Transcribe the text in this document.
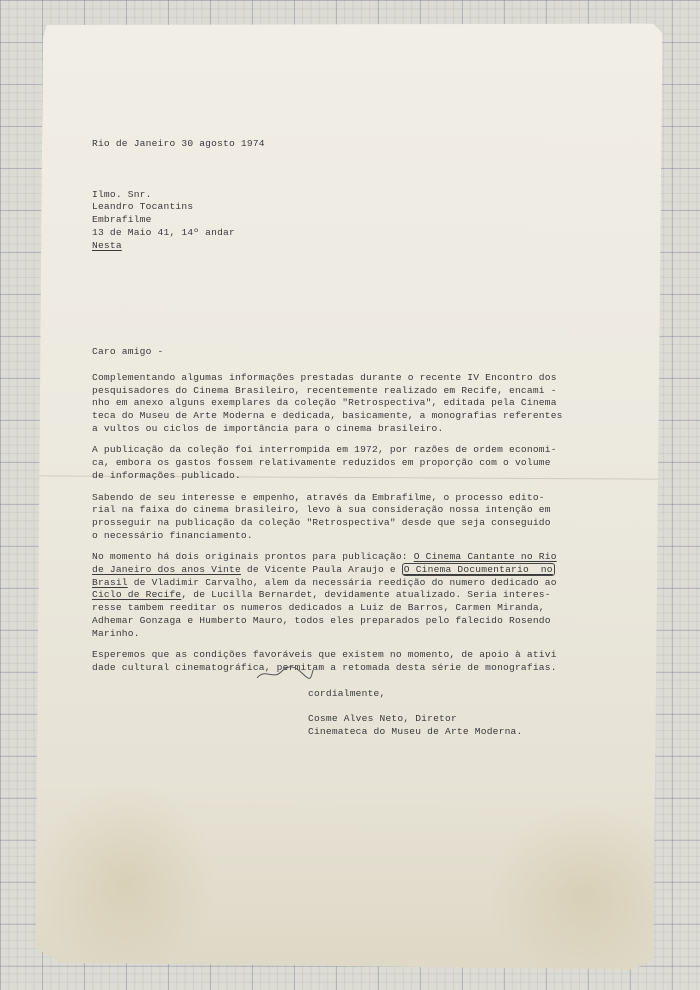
Rio de Janeiro 30 agosto 1974

Ilmo. Snr.

Leandro Tocantins

Embrafilme

13 de Maio 41, 14º andar

Nesta

Caro amigo -

Complementando algumas informações prestadas durante o recente IV Encontro dos

pesquisadores do Cinema Brasileiro, recentemente realizado em Recife, encami -

nho em anexo alguns exemplares da coleção "Retrospectiva", editada pela Cinema

teca do Museu de Arte Moderna e dedicada, basicamente, a monografias referentes

a vultos ou ciclos de importância para o cinema brasileiro.

A publicação da coleção foi interrompida em 1972, por razões de ordem economi-

ca, embora os gastos fossem relativamente reduzidos em proporção com o volume

de informações publicado.

Sabendo de seu interesse e empenho, através da Embrafilme, o processo edito-

rial na faixa do cinema brasileiro, levo à sua consideração nossa intenção em

prosseguir na publicação da coleção "Retrospectiva" desde que seja conseguido

o necessário financiamento.

No momento há dois originais prontos para publicação: O Cinema Cantante no Rio

de Janeiro dos anos Vinte de Vicente Paula Araujo e O Cinema Documentario  no

Brasil de Vladimir Carvalho, alem da necessária reedição do numero dedicado ao

Ciclo de Recife, de Lucilla Bernardet, devidamente atualizado. Seria interes-

resse tambem reeditar os numeros dedicados a Luiz de Barros, Carmen Miranda,

Adhemar Gonzaga e Humberto Mauro, todos eles preparados pelo falecido Rosendo

Marinho.

Esperemos que as condições favoráveis que existem no momento, de apoio à ativi

dade cultural cinematográfica, permitam a retomada desta série de monografias.

cordialmente,

Cosme Alves Neto, Diretor

Cinemateca do Museu de Arte Moderna.
